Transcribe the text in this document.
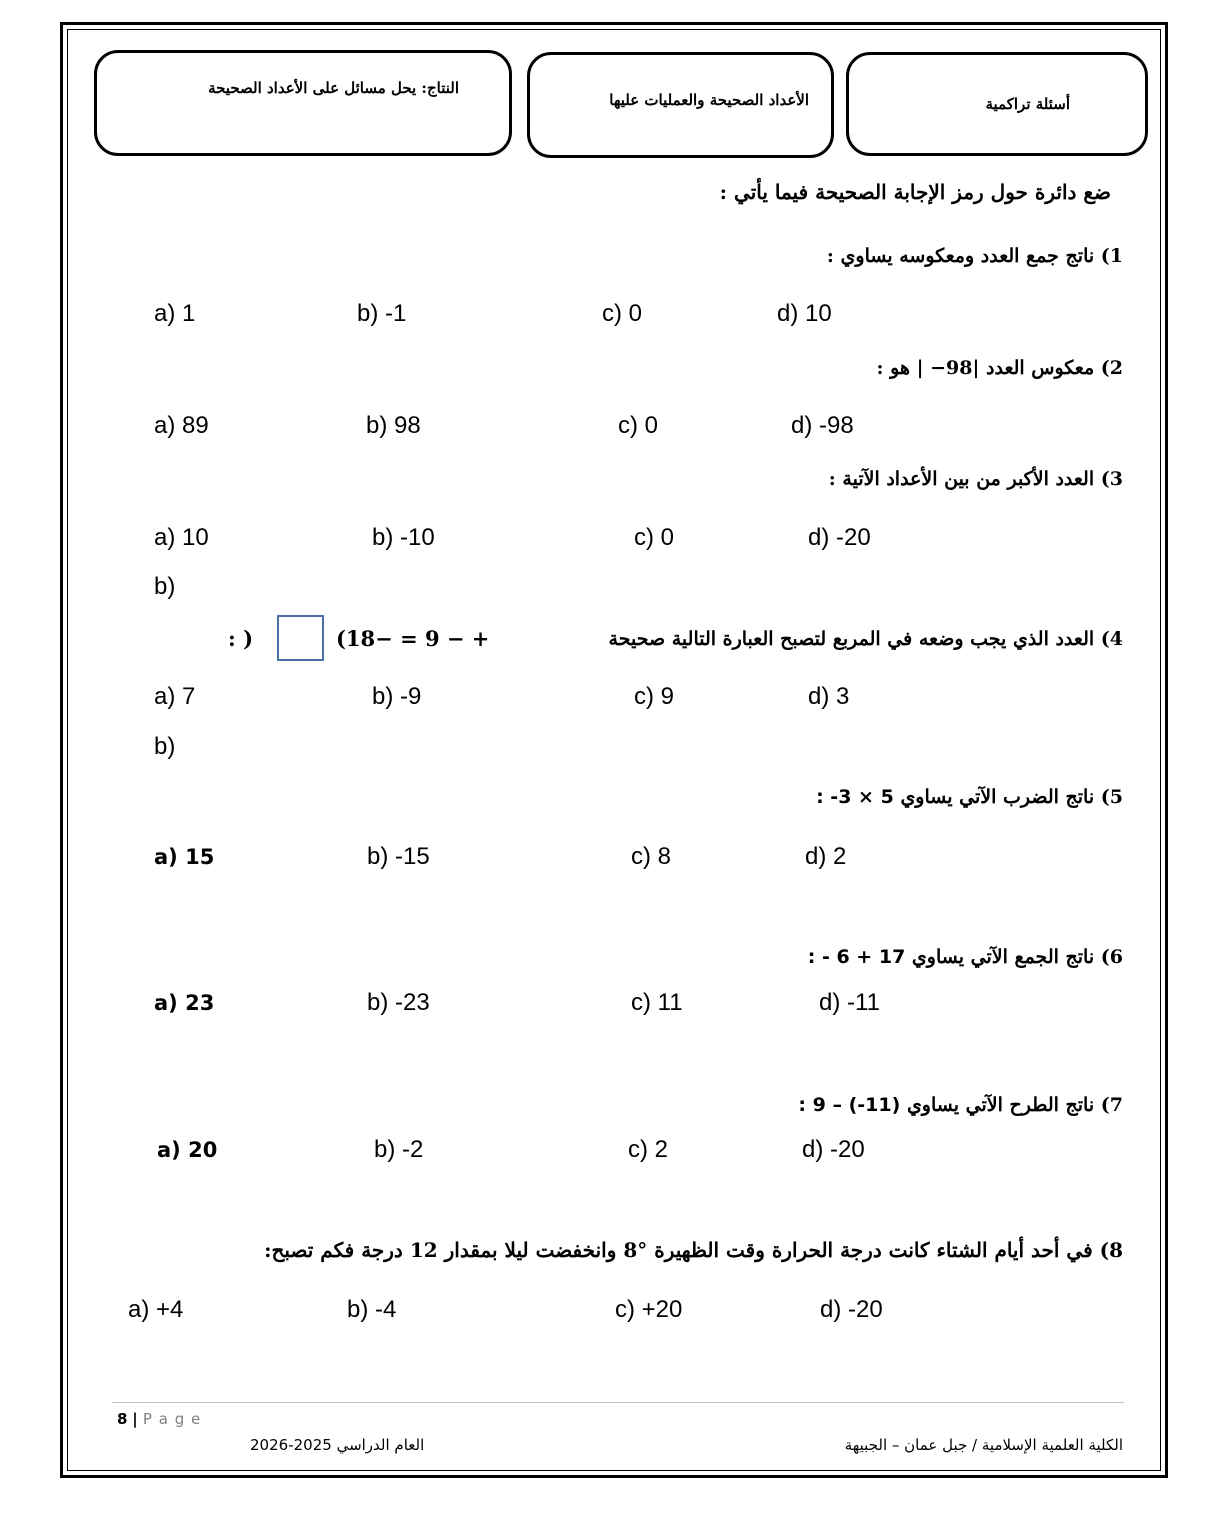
النتاج: يحل مسائل على الأعداد الصحيحة
الأعداد الصحيحة والعمليات عليها	أسئلة تراكمية
ضع دائرة حول رمز الإجابة الصحيحة فيما يأتي :
1) ناتج جمع العدد ومعكوسه يساوي :
a) 1	b) -1	c) 0	d) 10
2) معكوس العدد |98− | هو :
a) 89	b) 98	c) 0	d) -98
3) العدد الأكبر من بين الأعداد الآتية :
a) 10	b) -10	c) 0	d) -20
b)
4) العدد الذي يجب وضعه في المربع لتصبح العبارة التالية صحيحة
(18− = 9 − +
: )
a) 7	b) -9	c) 9	d) 3
b)
5) ناتج الضرب الآتي يساوي 5 × 3- :
a) 15	b) -15	c) 8	d) 2
6) ناتج الجمع الآتي يساوي 17 + 6 - :
a) 23	b) -23	c) 11	d) -11
7) ناتج الطرح الآتي يساوي (11-) – 9 :
a) 20	b) -2	c) 2	d) -20
8) في أحد أيام الشتاء كانت درجة الحرارة وقت الظهيرة °8 وانخفضت ليلا بمقدار 12 درجة فكم تصبح:
a) +4	b) -4	c) +20	d) -20
8 | P a g e
العام الدراسي 2025-2026	الكلية العلمية الإسلامية / جبل عمان – الجبيهة
